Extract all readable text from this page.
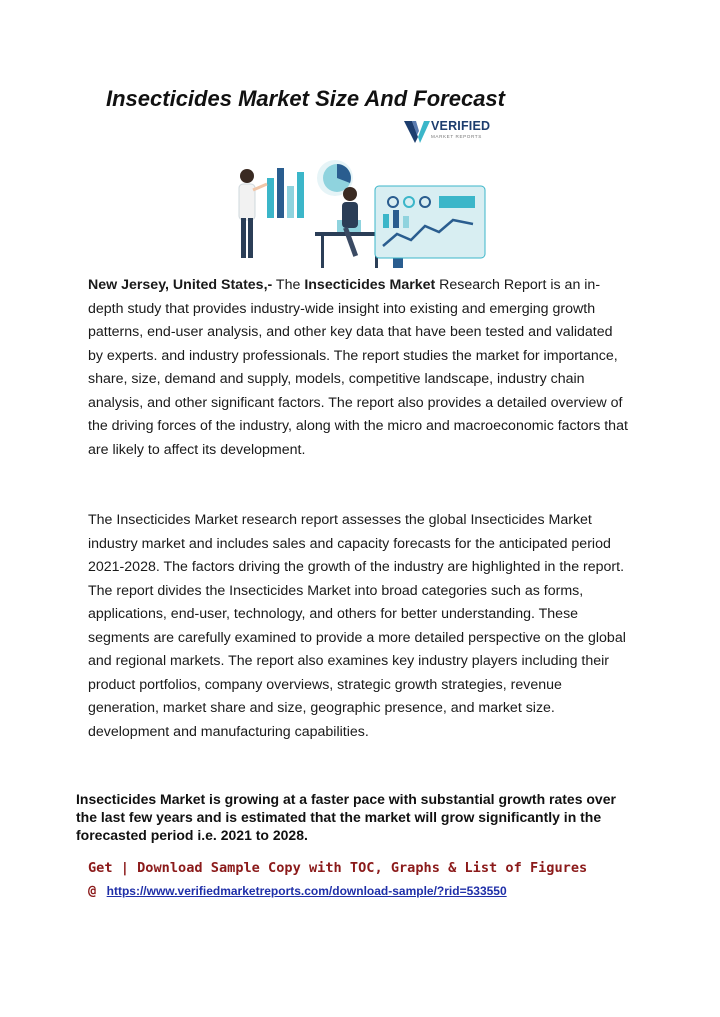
Insecticides Market Size And Forecast
VERIFIED
MARKET REPORTS

New Jersey, United States,- The Insecticides Market Research Report is an in-depth study that provides industry-wide insight into existing and emerging growth patterns, end-user analysis, and other key data that have been tested and validated by experts. and industry professionals. The report studies the market for importance, share, size, demand and supply, models, competitive landscape, industry chain analysis, and other significant factors. The report also provides a detailed overview of the driving forces of the industry, along with the micro and macroeconomic factors that are likely to affect its development.

The Insecticides Market research report assesses the global Insecticides Market industry market and includes sales and capacity forecasts for the anticipated period 2021-2028. The factors driving the growth of the industry are highlighted in the report. The report divides the Insecticides Market into broad categories such as forms, applications, end-user, technology, and others for better understanding. These segments are carefully examined to provide a more detailed perspective on the global and regional markets. The report also examines key industry players including their product portfolios, company overviews, strategic growth strategies, revenue generation, market share and size, geographic presence, and market size. development and manufacturing capabilities.

Insecticides Market is growing at a faster pace with substantial growth rates over the last few years and is estimated that the market will grow significantly in the forecasted period i.e. 2021 to 2028.

Get | Download Sample Copy with TOC, Graphs & List of Figures

@ https://www.verifiedmarketreports.com/download-sample/?rid=533550
